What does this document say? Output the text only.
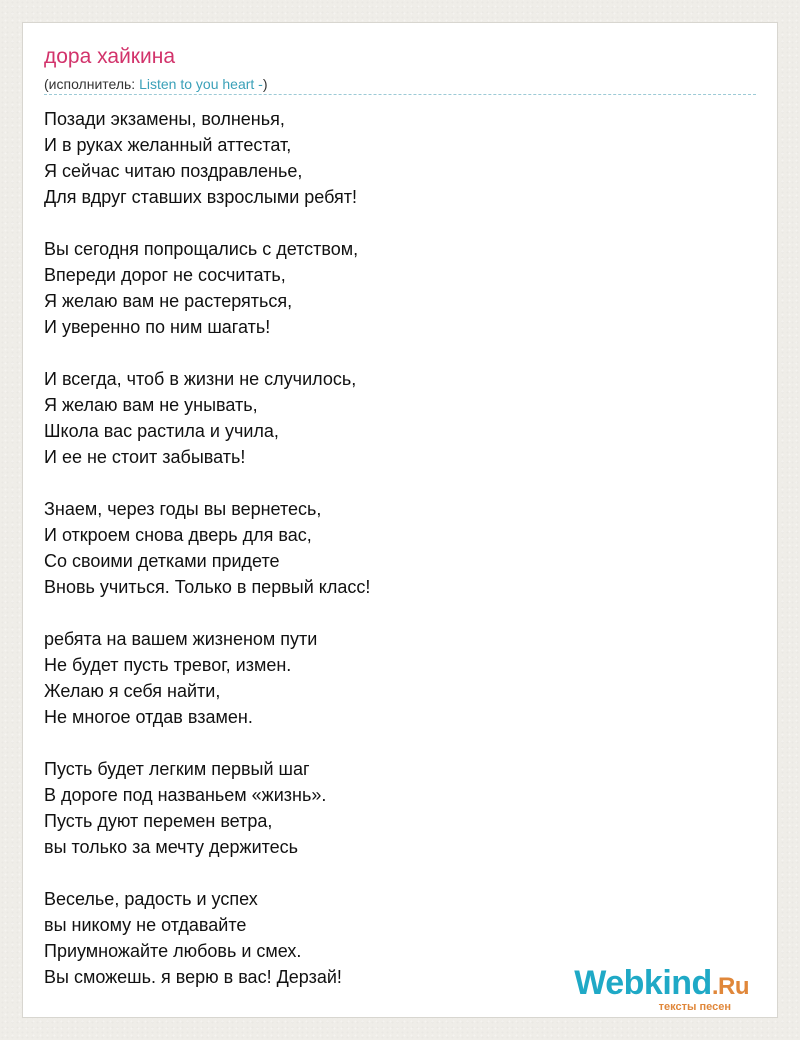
дора хайкина
(исполнитель: Listen to you heart -)
Позади экзамены, волненья,
И в руках желанный аттестат,
Я сейчас читаю поздравленье,
Для вдруг ставших взрослыми ребят!
Вы сегодня попрощались с детством,
Впереди дорог не сосчитать,
Я желаю вам не растеряться,
И уверенно по ним шагать!
И всегда, чтоб в жизни не случилось,
Я желаю вам не унывать,
Школа вас растила и учила,
И ее не стоит забывать!
Знаем, через годы вы вернетесь,
И откроем снова дверь для вас,
Со своими детками придете
Вновь учиться. Только в первый класс!
ребята на вашем жизненом пути
Не будет пусть тревог, измен.
Желаю я себя найти,
Не многое отдав взамен.
Пусть будет легким первый шаг
В дороге под названьем «жизнь».
Пусть дуют перемен ветра,
вы только за мечту держитесь
Веселье, радость и успех
вы никому не отдавайте
Приумножайте любовь и смех.
Вы сможешь. я верю в вас! Дерзай!	Webkind.Ru
тексты песен
